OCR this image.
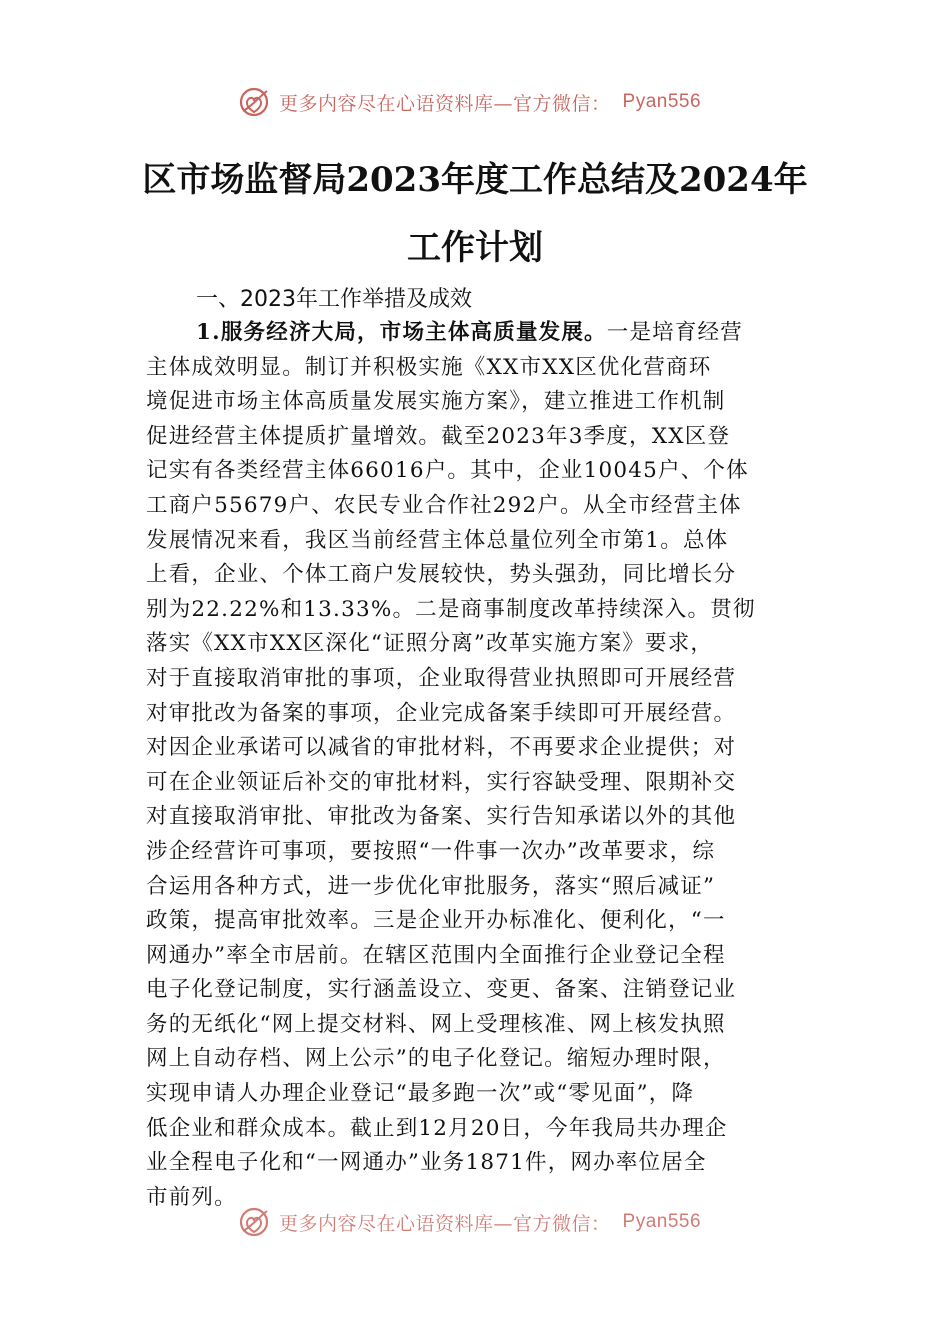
更多内容尽在心语资料库—官方微信： Pyan556
区市场监督局2023年度工作总结及2024年
工作计划
一、2023年工作举措及成效
1.服务经济大局，市场主体高质量发展。一是培育经营
主体成效明显。制订并积极实施《XX市XX区优化营商环
境促进市场主体高质量发展实施方案》，建立推进工作机制
促进经营主体提质扩量增效。截至2023年3季度，XX区登
记实有各类经营主体66016户。其中，企业10045户、个体
工商户55679户、农民专业合作社292户。从全市经营主体
发展情况来看，我区当前经营主体总量位列全市第1。总体
上看，企业、个体工商户发展较快，势头强劲，同比增长分
别为22.22%和13.33%。二是商事制度改革持续深入。贯彻
落实《XX市XX区深化“证照分离”改革实施方案》要求，
对于直接取消审批的事项，企业取得营业执照即可开展经营
对审批改为备案的事项，企业完成备案手续即可开展经营。
对因企业承诺可以减省的审批材料，不再要求企业提供；对
可在企业领证后补交的审批材料，实行容缺受理、限期补交
对直接取消审批、审批改为备案、实行告知承诺以外的其他
涉企经营许可事项，要按照“一件事一次办”改革要求，综
合运用各种方式，进一步优化审批服务，落实“照后减证”
政策，提高审批效率。三是企业开办标准化、便利化，“一
网通办”率全市居前。在辖区范围内全面推行企业登记全程
电子化登记制度，实行涵盖设立、变更、备案、注销登记业
务的无纸化“网上提交材料、网上受理核准、网上核发执照
网上自动存档、网上公示”的电子化登记。缩短办理时限，
实现申请人办理企业登记“最多跑一次”或“零见面”，降
低企业和群众成本。截止到12月20日，今年我局共办理企
业全程电子化和“一网通办”业务1871件，网办率位居全
市前列。
更多内容尽在心语资料库—官方微信： Pyan556
